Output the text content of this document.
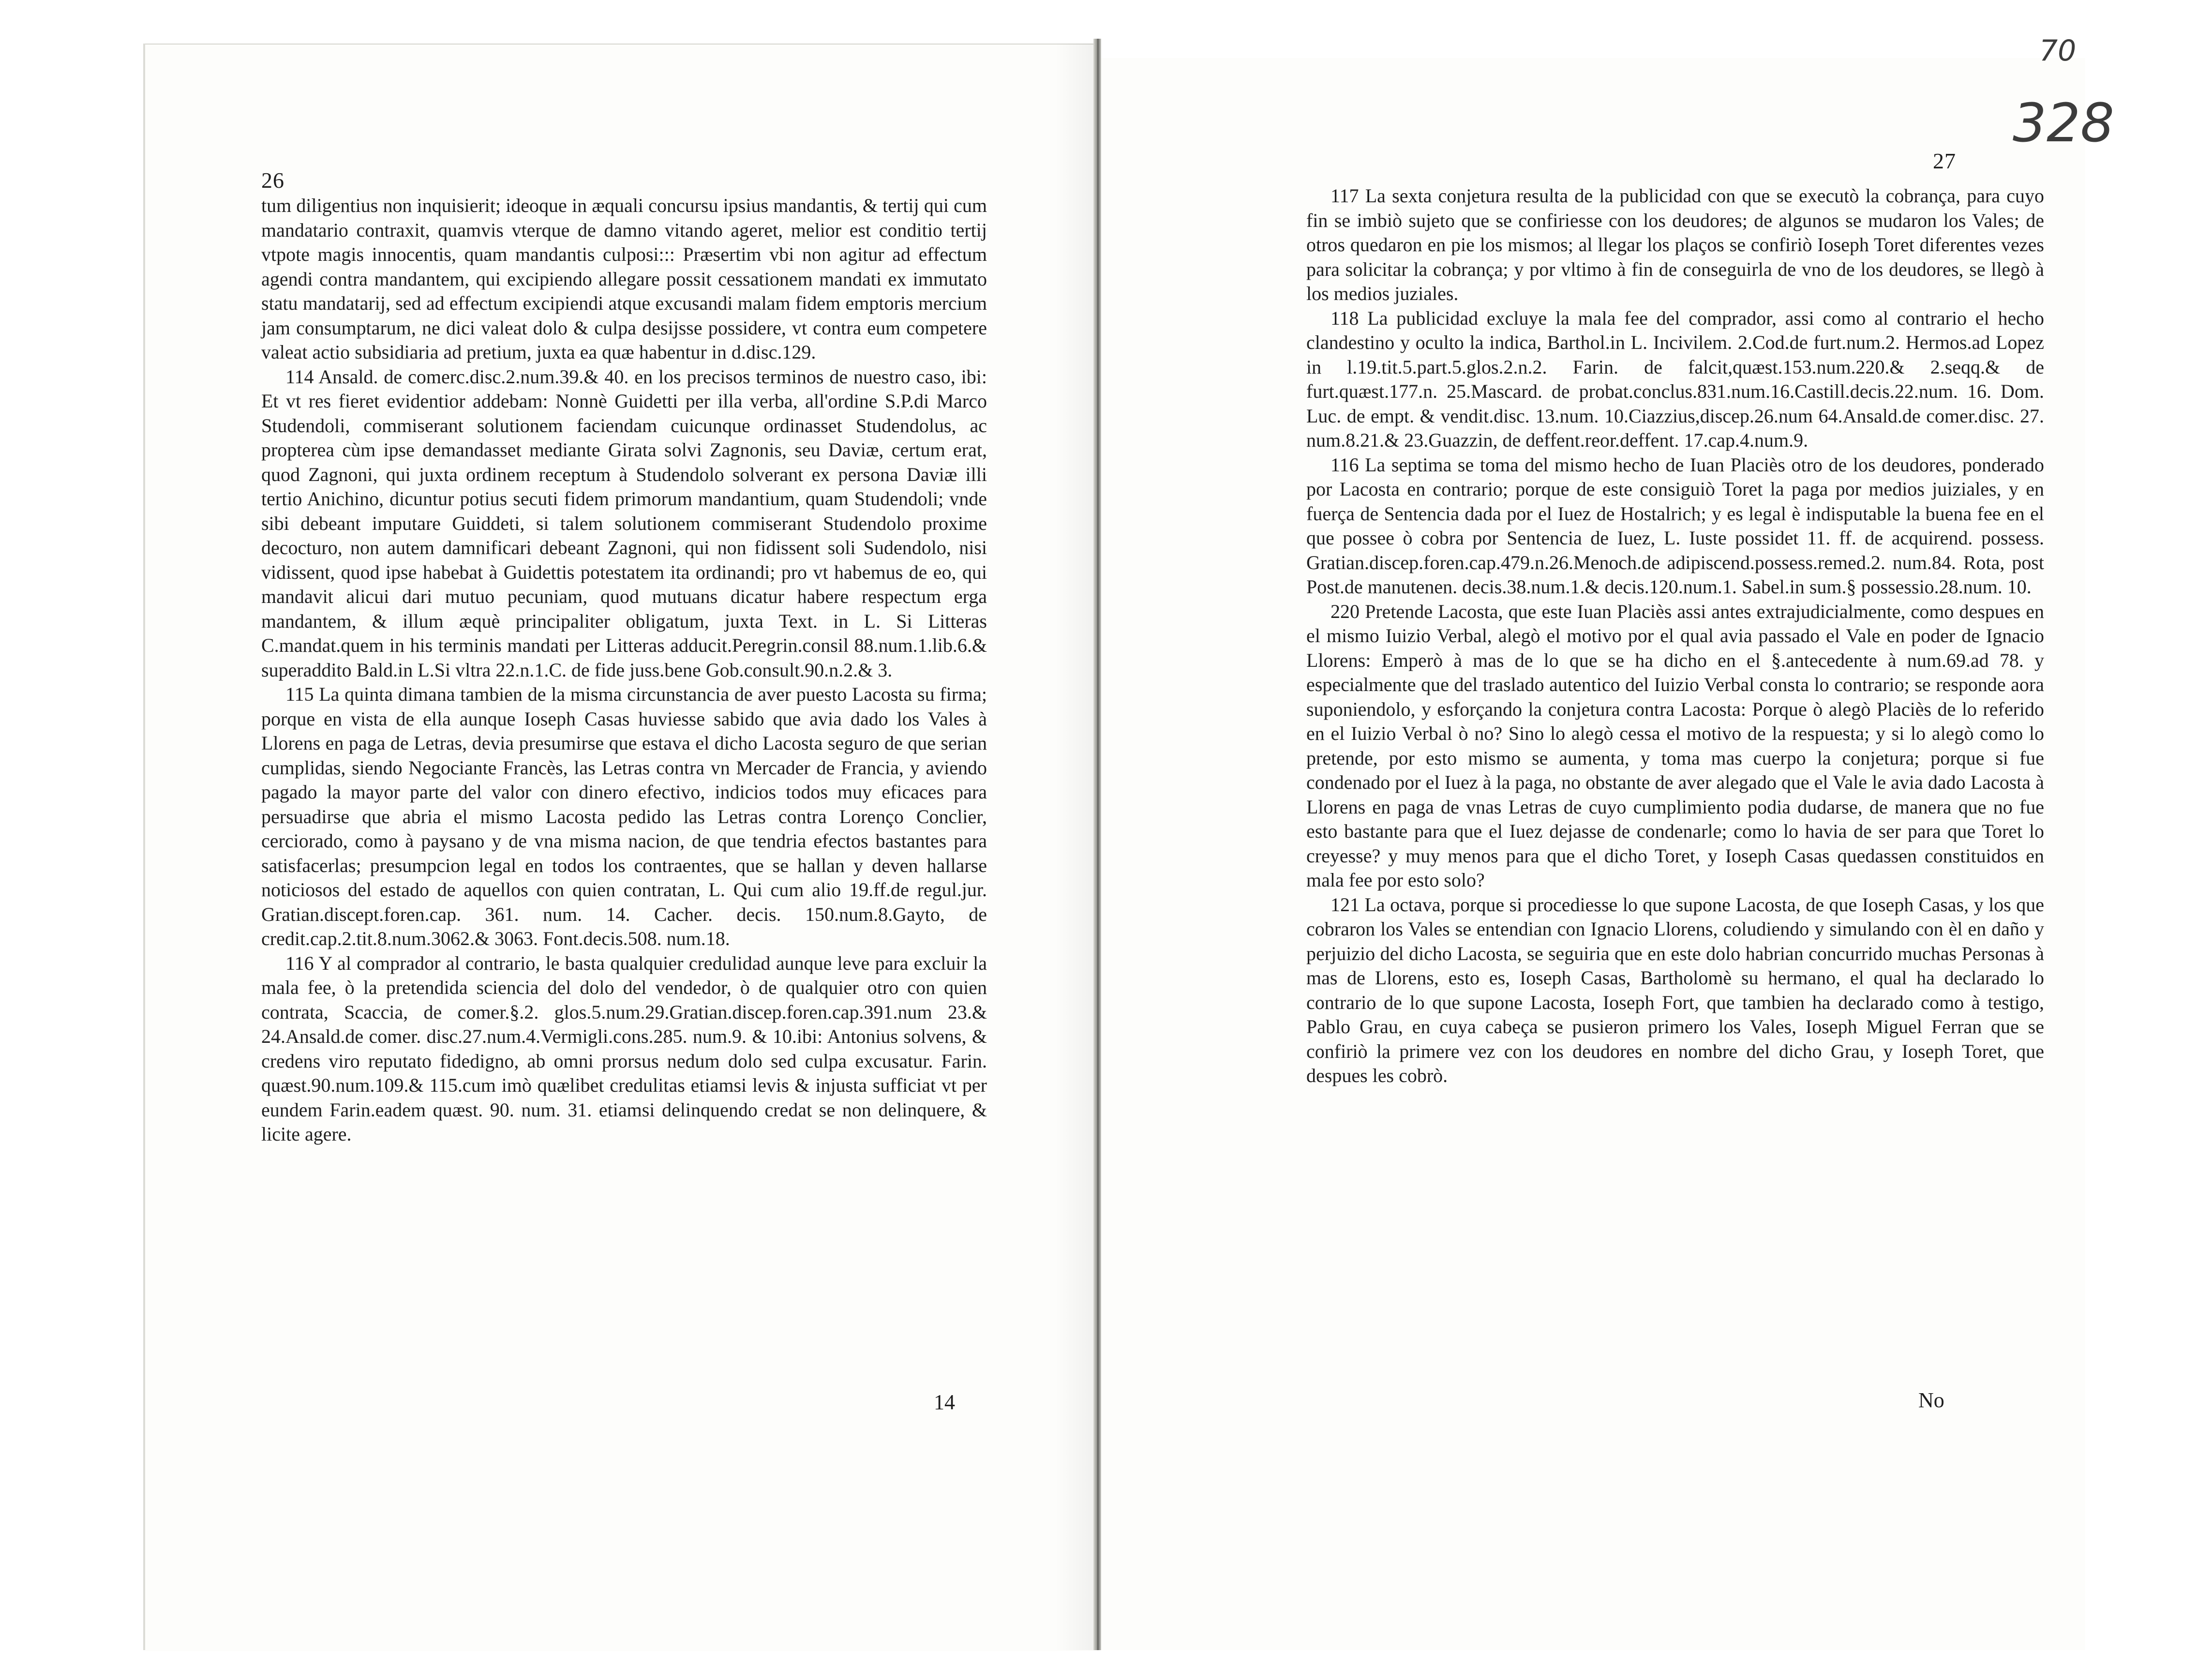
26

tum diligentius non inquisierit; ideoque in æquali concursu ipsius mandantis, & tertij qui cum mandatario contraxit, quamvis vterque de damno vitando ageret, melior est conditio tertij vtpote magis innocentis, quam mandantis culposi::: Præsertim vbi non agitur ad effectum agendi contra mandantem, qui excipiendo allegare possit cessationem mandati ex immutato statu mandatarij, sed ad effectum excipiendi atque excusandi malam fidem emptoris mercium jam consumptarum, ne dici valeat dolo & culpa desijsse possidere, vt contra eum competere valeat actio subsidiaria ad pretium, juxta ea quæ habentur in d.disc.129.

114 Ansald. de comerc.disc.2.num.39.& 40. en los precisos terminos de nuestro caso, ibi: Et vt res fieret evidentior addebam: Nonnè Guidetti per illa verba, all'ordine S.P.di Marco Studendoli, commiserant solutionem faciendam cuicunque ordinasset Studendolus, ac propterea cùm ipse demandasset mediante Girata solvi Zagnonis, seu Daviæ, certum erat, quod Zagnoni, qui juxta ordinem receptum à Studendolo solverant ex persona Daviæ illi tertio Anichino, dicuntur potius secuti fidem primorum mandantium, quam Studendoli; vnde sibi debeant imputare Guiddeti, si talem solutionem commiserant Studendolo proxime decocturo, non autem damnificari debeant Zagnoni, qui non fidissent soli Sudendolo, nisi vidissent, quod ipse habebat à Guidettis potestatem ita ordinandi; pro vt habemus de eo, qui mandavit alicui dari mutuo pecuniam, quod mutuans dicatur habere respectum erga mandantem, & illum æquè principaliter obligatum, juxta Text. in L. Si Litteras C.mandat.quem in his terminis mandati per Litteras adducit.Peregrin.consil 88.num.1.lib.6.& superaddito Bald.in L.Si vltra 22.n.1.C. de fide juss.bene Gob.consult.90.n.2.& 3.

115 La quinta dimana tambien de la misma circunstancia de aver puesto Lacosta su firma; porque en vista de ella aunque Ioseph Casas huviesse sabido que avia dado los Vales à Llorens en paga de Letras, devia presumirse que estava el dicho Lacosta seguro de que serian cumplidas, siendo Negociante Francès, las Letras contra vn Mercader de Francia, y aviendo pagado la mayor parte del valor con dinero efectivo, indicios todos muy eficaces para persuadirse que abria el mismo Lacosta pedido las Letras contra Lorenço Conclier, cerciorado, como à paysano y de vna misma nacion, de que tendria efectos bastantes para satisfacerlas; presumpcion legal en todos los contraentes, que se hallan y deven hallarse noticiosos del estado de aquellos con quien contratan, L. Qui cum alio 19.ff.de regul.jur. Gratian.discept.foren.cap. 361. num. 14. Cacher. decis. 150.num.8.Gayto, de credit.cap.2.tit.8.num.3062.& 3063. Font.decis.508. num.18.

116 Y al comprador al contrario, le basta qualquier credulidad aunque leve para excluir la mala fee, ò la pretendida sciencia del dolo del vendedor, ò de qualquier otro con quien contrata, Scaccia, de comer.§.2. glos.5.num.29.Gratian.discep.foren.cap.391.num 23.& 24.Ansald.de comer. disc.27.num.4.Vermigli.cons.285. num.9. & 10.ibi: Antonius solvens, & credens viro reputato fidedigno, ab omni prorsus nedum dolo sed culpa excusatur. Farin. quæst.90.num.109.& 115.cum imò quælibet credulitas etiamsi levis & injusta sufficiat vt per eundem Farin.eadem quæst. 90. num. 31. etiamsi delinquendo credat se non delinquere, & licite agere.

14
70
328
27

117 La sexta conjetura resulta de la publicidad con que se executò la cobrança, para cuyo fin se imbiò sujeto que se confiriesse con los deudores; de algunos se mudaron los Vales; de otros quedaron en pie los mismos; al llegar los plaços se confiriò Ioseph Toret diferentes vezes para solicitar la cobrança; y por vltimo à fin de conseguirla de vno de los deudores, se llegò à los medios juziales.

118 La publicidad excluye la mala fee del comprador, assi como al contrario el hecho clandestino y oculto la indica, Barthol.in L. Incivilem. 2.Cod.de furt.num.2. Hermos.ad Lopez in l.19.tit.5.part.5.glos.2.n.2. Farin. de falcit,quæst.153.num.220.& 2.seqq.& de furt.quæst.177.n. 25.Mascard. de probat.conclus.831.num.16.Castill.decis.22.num. 16. Dom. Luc. de empt. & vendit.disc. 13.num. 10.Ciazzius,discep.26.num 64.Ansald.de comer.disc. 27. num.8.21.& 23.Guazzin, de deffent.reor.deffent. 17.cap.4.num.9.

116 La septima se toma del mismo hecho de Iuan Placiès otro de los deudores, ponderado por Lacosta en contrario; porque de este consiguiò Toret la paga por medios juiziales, y en fuerça de Sentencia dada por el Iuez de Hostalrich; y es legal è indisputable la buena fee en el que possee ò cobra por Sentencia de Iuez, L. Iuste possidet 11. ff. de acquirend. possess. Gratian.discep.foren.cap.479.n.26.Menoch.de adipiscend.possess.remed.2. num.84. Rota, post Post.de manutenen. decis.38.num.1.& decis.120.num.1. Sabel.in sum.§ possessio.28.num. 10.

220 Pretende Lacosta, que este Iuan Placiès assi antes extrajudicialmente, como despues en el mismo Iuizio Verbal, alegò el motivo por el qual avia passado el Vale en poder de Ignacio Llorens: Emperò à mas de lo que se ha dicho en el §.antecedente à num.69.ad 78. y especialmente que del traslado autentico del Iuizio Verbal consta lo contrario; se responde aora suponiendolo, y esforçando la conjetura contra Lacosta: Porque ò alegò Placiès de lo referido en el Iuizio Verbal ò no? Sino lo alegò cessa el motivo de la respuesta; y si lo alegò como lo pretende, por esto mismo se aumenta, y toma mas cuerpo la conjetura; porque si fue condenado por el Iuez à la paga, no obstante de aver alegado que el Vale le avia dado Lacosta à Llorens en paga de vnas Letras de cuyo cumplimiento podia dudarse, de manera que no fue esto bastante para que el Iuez dejasse de condenarle; como lo havia de ser para que Toret lo creyesse? y muy menos para que el dicho Toret, y Ioseph Casas quedassen constituidos en mala fee por esto solo?

121 La octava, porque si procediesse lo que supone Lacosta, de que Ioseph Casas, y los que cobraron los Vales se entendian con Ignacio Llorens, coludiendo y simulando con èl en daño y perjuizio del dicho Lacosta, se seguiria que en este dolo habrian concurrido muchas Personas à mas de Llorens, esto es, Ioseph Casas, Bartholomè su hermano, el qual ha declarado lo contrario de lo que supone Lacosta, Ioseph Fort, que tambien ha declarado como à testigo, Pablo Grau, en cuya cabeça se pusieron primero los Vales, Ioseph Miguel Ferran que se confiriò la primere vez con los deudores en nombre del dicho Grau, y Ioseph Toret, que despues les cobrò.

No
